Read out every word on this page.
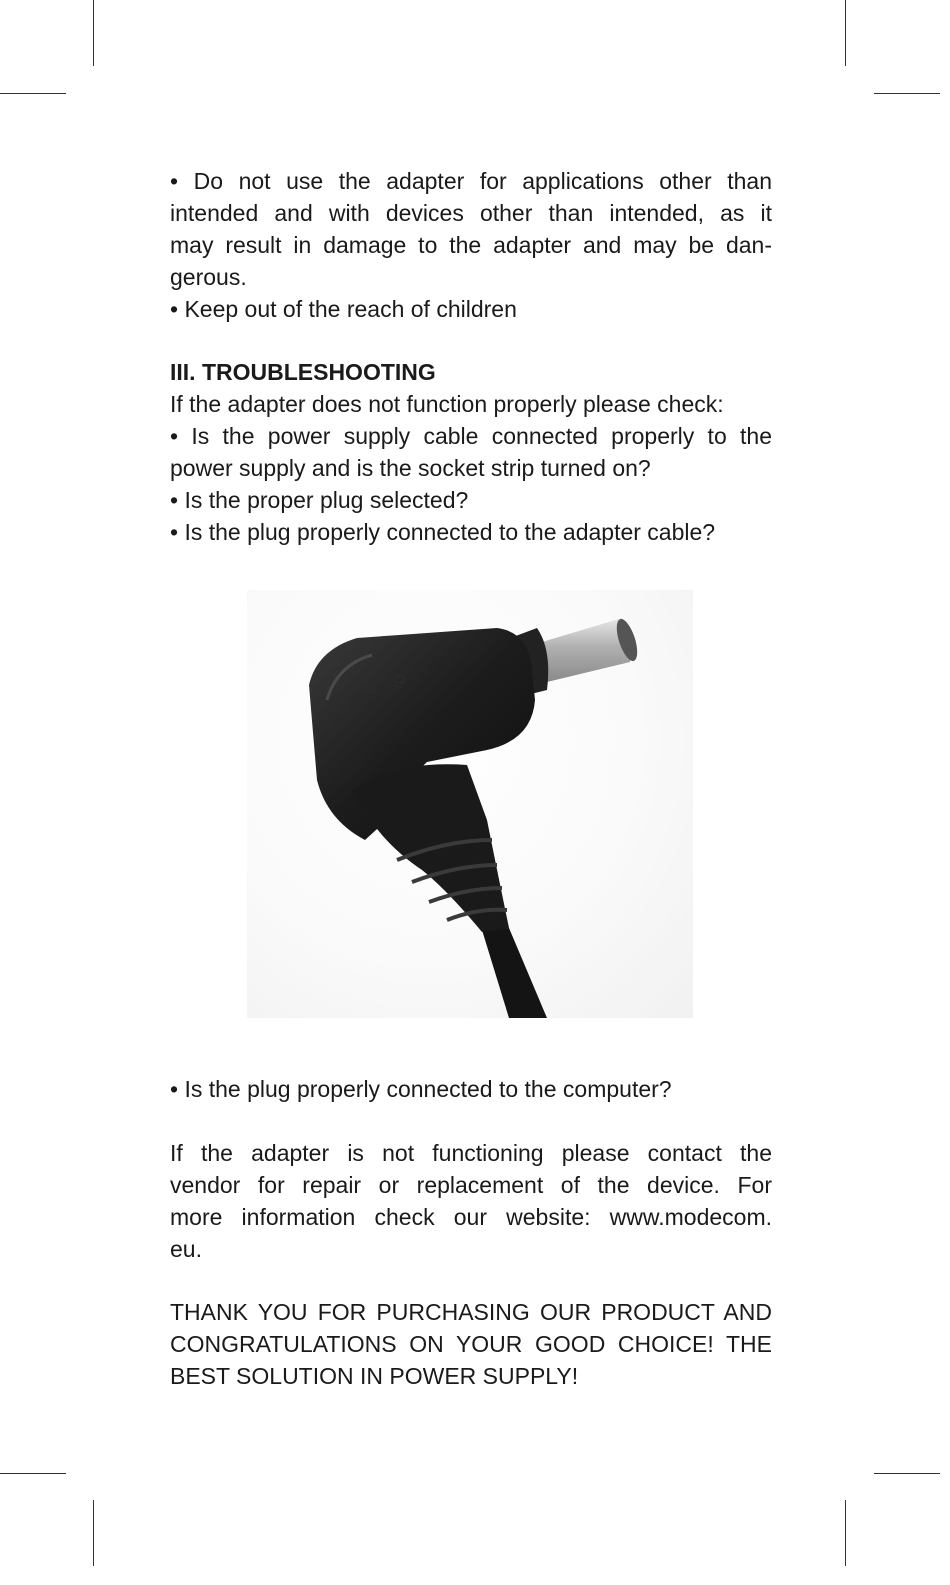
• Do not use the adapter for applications other than
intended and with devices other than intended, as it
may result in damage to the adapter and may be dan-
gerous.

• Keep out of the reach of children

III. TROUBLESHOOTING

If the adapter does not function properly please check:

• Is the power supply cable connected properly to the
power supply and is the socket strip turned on?

• Is the proper plug selected?

• Is the plug properly connected to the adapter cable?

B ID

• Is the plug properly connected to the computer?

If the adapter is not functioning please contact the
vendor for repair or replacement of the device. For
more information check our website: www.modecom.
eu.
THANK YOU FOR PURCHASING OUR PRODUCT AND
CONGRATULATIONS ON YOUR GOOD CHOICE! THE
BEST SOLUTION IN POWER SUPPLY!
